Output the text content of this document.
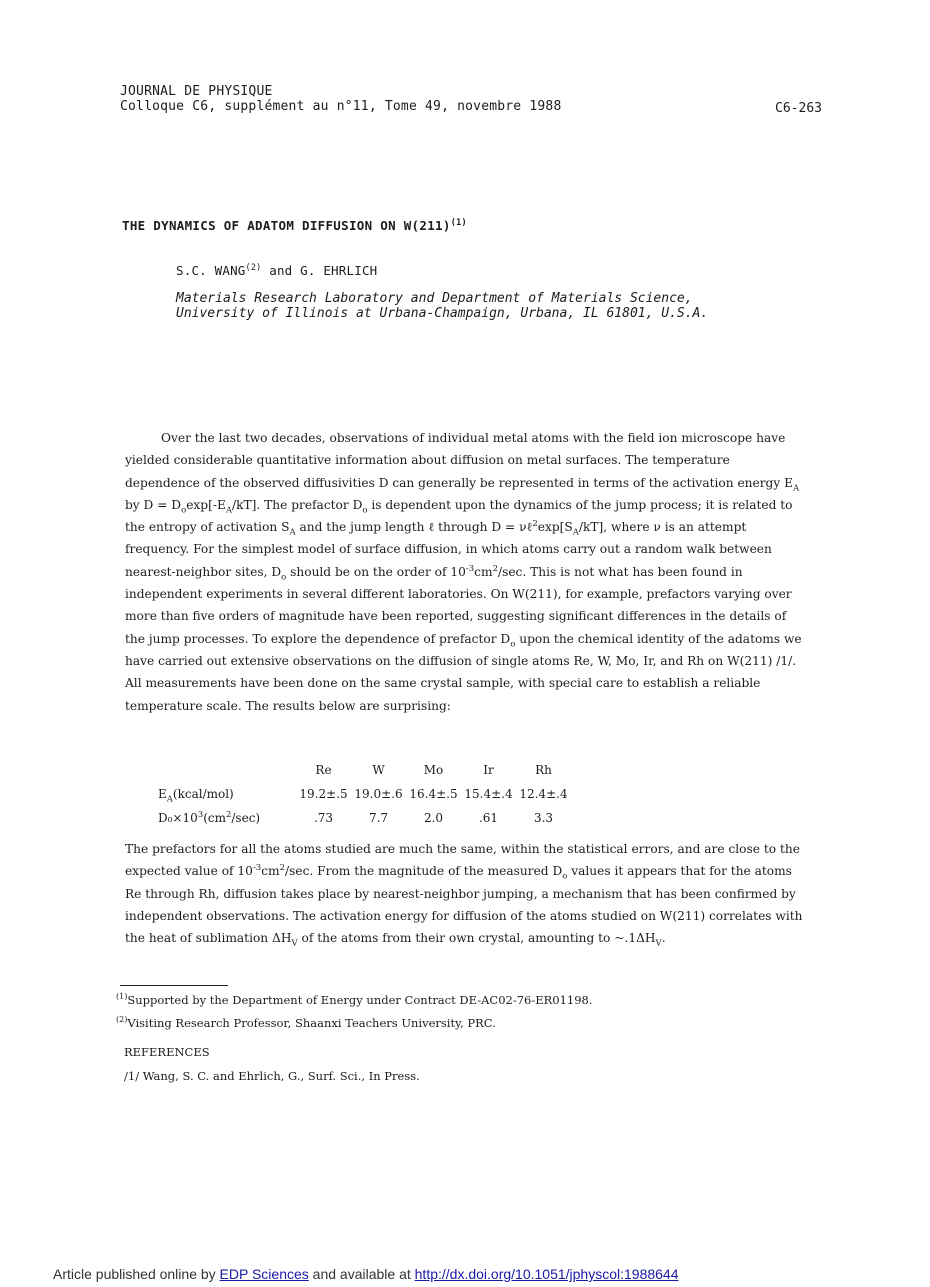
JOURNAL DE PHYSIQUE
Colloque C6, supplément au n°11, Tome 49, novembre 1988	C6-263
THE DYNAMICS OF ADATOM DIFFUSION ON $W(211)^{(1)}$
S.C. WANG$^{(2)}$ and G. EHRLICH
Materials Research Laboratory and Department of Materials Science,
University of Illinois at Urbana-Champaign, Urbana, IL 61801, U.S.A.

Over the last two decades, observations of individual metal atoms with the field ion microscope have yielded considerable quantitative information about diffusion on metal surfaces. The temperature dependence of the observed diffusivities D can generally be represented in terms of the activation energy $E_A$ by $D = D_o\exp[-E_A/kT]$. The prefactor $D_o$ is dependent upon the dynamics of the jump process; it is related to the entropy of activation $S_A$ and the jump length ℓ through $D = \nu\ell^2\exp[S_A/kT]$, where ν is an attempt frequency. For the simplest model of surface diffusion, in which atoms carry out a random walk between nearest-neighbor sites, $D_o$ should be on the order of $10^{-3}cm^2/\sec$. This is not what has been found in independent experiments in several different laboratories. On W(211), for example, prefactors varying over more than five orders of magnitude have been reported, suggesting significant differences in the details of the jump processes. To explore the dependence of prefactor $D_o$ upon the chemical identity of the adatoms we have carried out extensive observations on the diffusion of single atoms Re, W, Mo, Ir, and Rh on W(211) /1/. All measurements have been done on the same crystal sample, with special care to establish a reliable temperature scale. The results below are surprising:

	Re	W	Mo	Ir	Rh
$E_A(kcal/mol)$	19.2±.5	19.0±.6	16.4±.5	15.4±.4	12.4±.4
$D_0\times 10^3(cm^2/\sec)$	.73	7.7	2.0	.61	3.3
The prefactors for all the atoms studied are much the same, within the statistical errors, and are close to the expected value of $10^{-3}cm^2/\sec$. From the magnitude of the measured $D_o$ values it appears that for the atoms Re through Rh, diffusion takes place by nearest-neighbor jumping, a mechanism that has been confirmed by independent observations. The activation energy for diffusion of the atoms studied on W(211) correlates with the heat of sublimation $\Delta H_V$ of the atoms from their own crystal, amounting to $\sim.1\Delta H_V$.
$^{(1)}$Supported by the Department of Energy under Contract DE-AC02-76-ER01198.
$^{(2)}$Visiting Research Professor, Shaanxi Teachers University, PRC.
REFERENCES
/1/ Wang, S. C. and Ehrlich, G., Surf. Sci., In Press.
Article published online by EDP Sciences and available at http://dx.doi.org/10.1051/jphyscol:1988644
